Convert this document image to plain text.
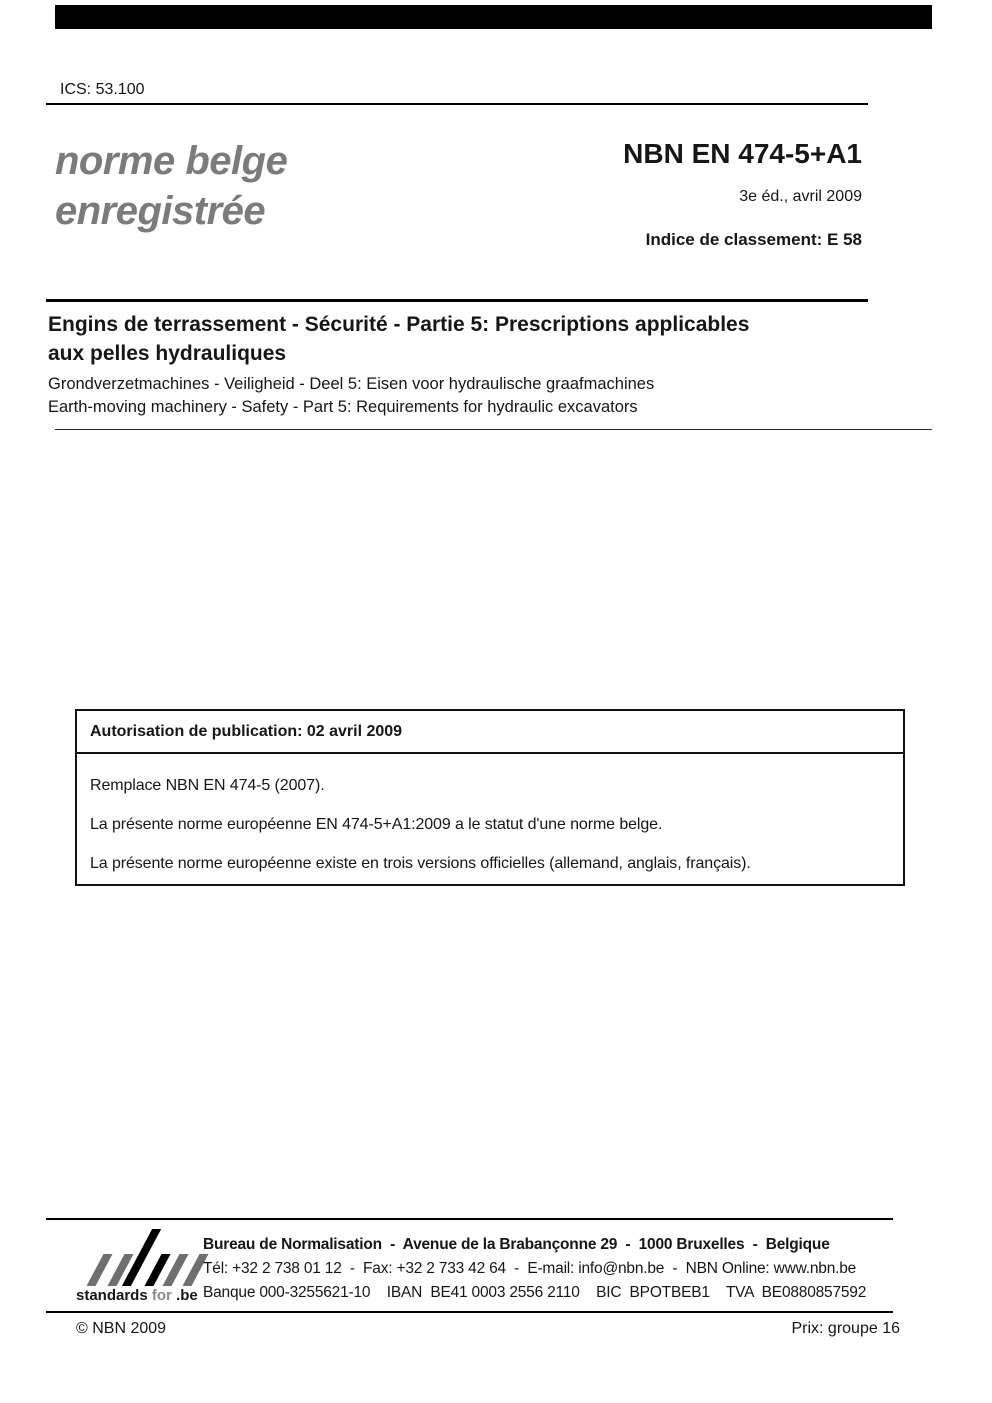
ICS: 53.100
norme belge
enregistrée
NBN EN 474-5+A1
3e éd., avril 2009
Indice de classement: E 58
Engins de terrassement - Sécurité - Partie 5: Prescriptions applicables
aux pelles hydrauliques
Grondverzetmachines - Veiligheid - Deel 5: Eisen voor hydraulische graafmachines
Earth-moving machinery - Safety - Part 5: Requirements for hydraulic excavators
Autorisation de publication: 02 avril 2009
Remplace NBN EN 474-5 (2007).
La présente norme européenne EN 474-5+A1:2009 a le statut d'une norme belge.
La présente norme européenne existe en trois versions officielles (allemand, anglais, français).
standards for .be
Bureau de Normalisation  -  Avenue de la Brabançonne 29  -  1000 Bruxelles  -  Belgique
Tél: +32 2 738 01 12  -  Fax: +32 2 733 42 64  -  E-mail: info@nbn.be  -  NBN Online: www.nbn.be
Banque 000-3255621-10    IBAN  BE41 0003 2556 2110    BIC  BPOTBEB1    TVA  BE0880857592
© NBN 2009	Prix: groupe 16
